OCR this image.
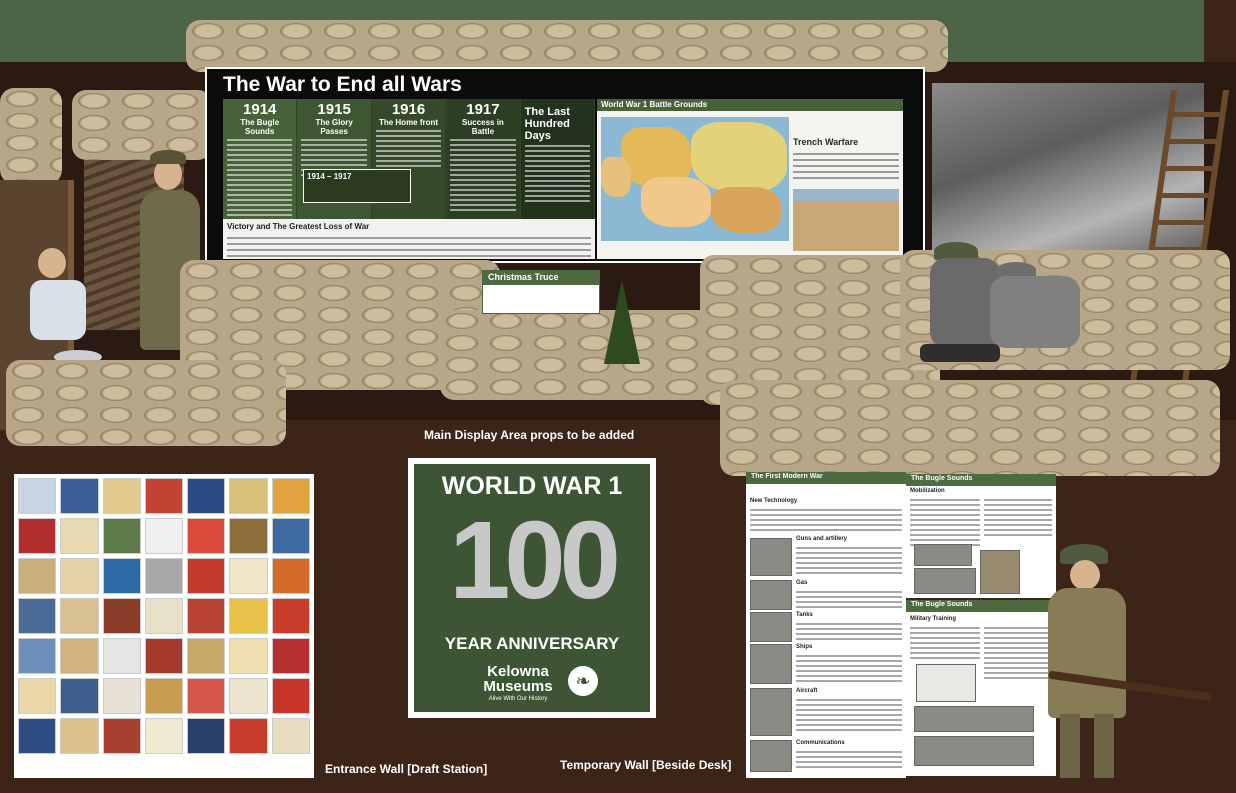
The War to End all Wars
1914
The Bugle Sounds
1915
The Glory Passes
1916
The Home front
1917
Success in Battle
The Last Hundred Days
1914 – 1917
Victory and The Greatest Loss of War
World War 1 Battle Grounds
Trench Warfare
Christmas Truce
Main Display Area props to be added
Entrance Wall [Draft Station]	Temporary Wall [Beside Desk]
WORLD WAR 1
100
YEAR ANNIVERSARY
Kelowna Museums
Alive With Our History
❧
The First Modern War
New Technology
Guns and artillery
Gas
Tanks
Ships
Aircraft
Communications
The Bugle Sounds
Mobilization
The Bugle Sounds
Military Training
